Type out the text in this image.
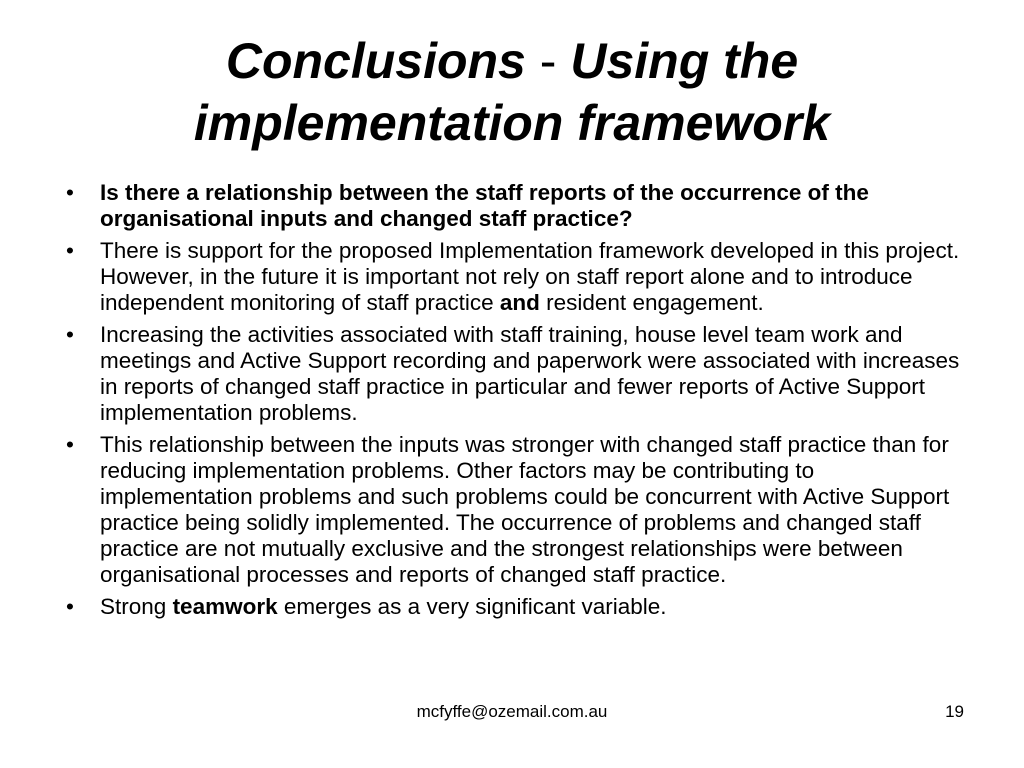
Conclusions - Using the implementation framework
• Is there a relationship between the staff reports of the occurrence of the organisational inputs and changed staff practice?
• There is support for the proposed Implementation framework developed in this project. However, in the future it is important not rely on staff report alone and to introduce independent monitoring of staff practice and resident engagement.
• Increasing the activities associated with staff training, house level team work and meetings and Active Support recording and paperwork were associated with increases in reports of changed staff practice in particular and fewer reports of Active Support implementation problems.
• This relationship between the inputs was stronger with changed staff practice than for reducing implementation problems. Other factors may be contributing to implementation problems and such problems could be concurrent with Active Support practice being solidly implemented. The occurrence of problems and changed staff practice are not mutually exclusive and the strongest relationships were between organisational processes and reports of changed staff practice.
• Strong teamwork emerges as a very significant variable.
mcfyffe@ozemail.com.au	19
